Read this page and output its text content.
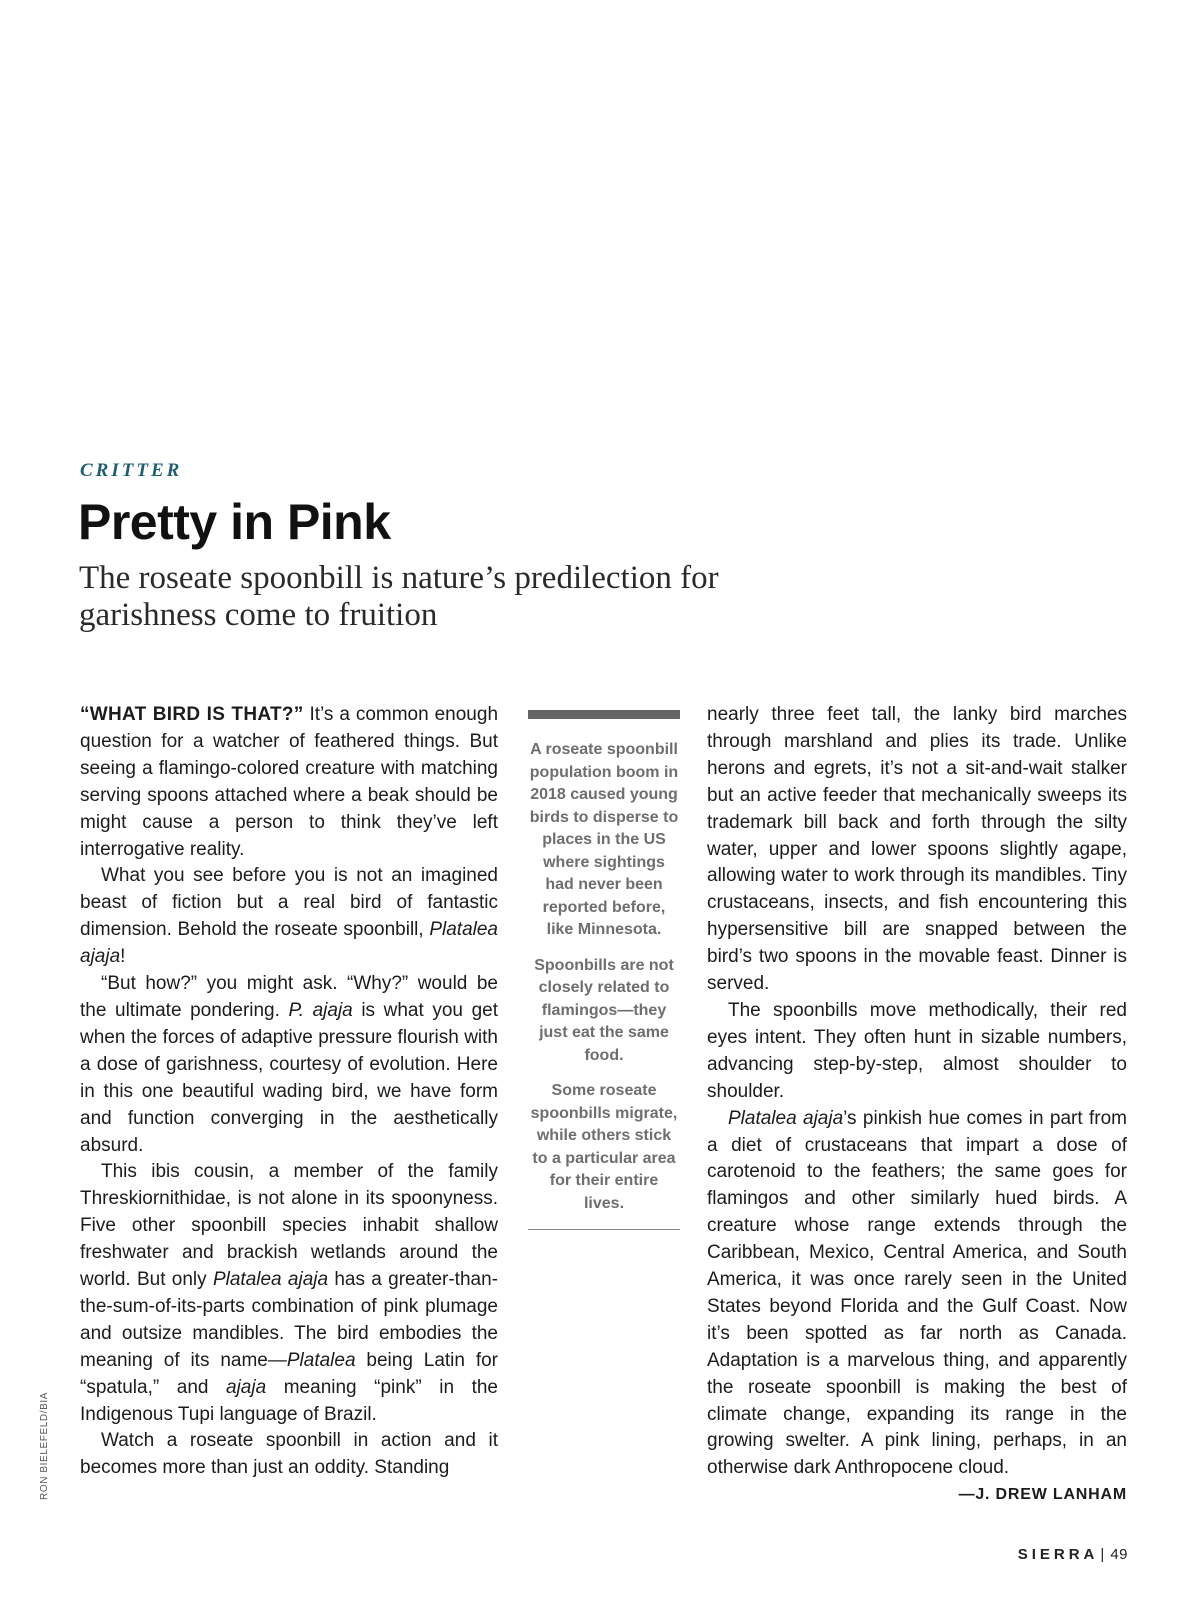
CRITTER
Pretty in Pink
The roseate spoonbill is nature’s predilection for garishness come to fruition

“WHAT BIRD IS THAT?” It’s a common enough question for a watcher of feathered things. But seeing a flamingo-colored creature with matching serving spoons attached where a beak should be might cause a person to think they’ve left interrogative reality.

What you see before you is not an imagined beast of fiction but a real bird of fantastic dimension. Behold the roseate spoonbill, Platalea ajaja!

“But how?” you might ask. “Why?” would be the ultimate pondering. P. ajaja is what you get when the forces of adaptive pressure flourish with a dose of garishness, courtesy of evolution. Here in this one beautiful wading bird, we have form and function converging in the aesthetically absurd.

This ibis cousin, a member of the family Threskiornithidae, is not alone in its spoonyness. Five other spoonbill species inhabit shallow freshwater and brackish wetlands around the world. But only Platalea ajaja has a greater-than-the-sum-of-its-parts combination of pink plumage and outsize mandibles. The bird embodies the meaning of its name—Platalea being Latin for “spatula,” and ajaja meaning “pink” in the Indigenous Tupi language of Brazil.

Watch a roseate spoonbill in action and it becomes more than just an oddity. Standing

A roseate spoonbill population boom in 2018 caused young birds to disperse to places in the US where sightings had never been reported before, like Minnesota.

Spoonbills are not closely related to flamingos—they just eat the same food.

Some roseate spoonbills migrate, while others stick to a particular area for their entire lives.

nearly three feet tall, the lanky bird marches through marshland and plies its trade. Unlike herons and egrets, it’s not a sit-and-wait stalker but an active feeder that mechanically sweeps its trademark bill back and forth through the silty water, upper and lower spoons slightly agape, allowing water to work through its mandibles. Tiny crustaceans, insects, and fish encountering this hypersensitive bill are snapped between the bird’s two spoons in the movable feast. Dinner is served.

The spoonbills move methodically, their red eyes intent. They often hunt in sizable numbers, advancing step-by-step, almost shoulder to shoulder.

Platalea ajaja’s pinkish hue comes in part from a diet of crustaceans that impart a dose of carotenoid to the feathers; the same goes for flamingos and other similarly hued birds. A creature whose range extends through the Caribbean, Mexico, Central America, and South America, it was once rarely seen in the United States beyond Florida and the Gulf Coast. Now it’s been spotted as far north as Canada. Adaptation is a marvelous thing, and apparently the roseate spoonbill is making the best of climate change, expanding its range in the growing swelter. A pink lining, perhaps, in an otherwise dark Anthropocene cloud.

—J. DREW LANHAM

RON BIELEFELD/BIA
SIERRA | 49
